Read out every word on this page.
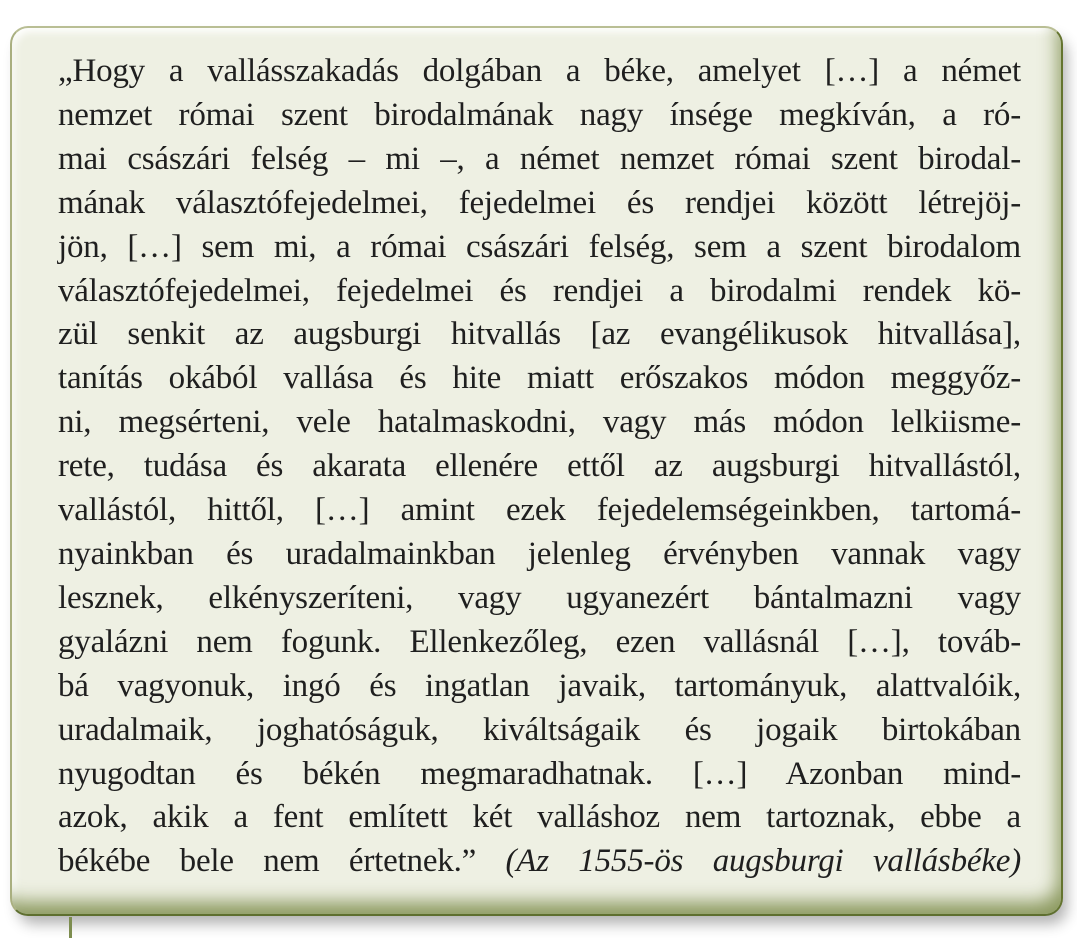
„Hogy a vallásszakadás dolgában a béke, amelyet […] a német
nemzet római szent birodalmának nagy ínsége megkíván, a ró-
mai császári felség – mi –, a német nemzet római szent birodal-
mának választófejedelmei, fejedelmei és rendjei között létrejöj-
jön, […] sem mi, a római császári felség, sem a szent birodalom
választófejedelmei, fejedelmei és rendjei a birodalmi rendek kö-
zül senkit az augsburgi hitvallás [az evangélikusok hitvallása],
tanítás okából vallása és hite miatt erőszakos módon meggyőz-
ni, megsérteni, vele hatalmaskodni, vagy más módon lelkiisme-
rete, tudása és akarata ellenére ettől az augsburgi hitvallástól,
vallástól, hittől, […] amint ezek fejedelemségeinkben, tartomá-
nyainkban és uradalmainkban jelenleg érvényben vannak vagy
lesznek, elkényszeríteni, vagy ugyanezért bántalmazni vagy
gyalázni nem fogunk. Ellenkezőleg, ezen vallásnál […], továb-
bá vagyonuk, ingó és ingatlan javaik, tartományuk, alattvalóik,
uradalmaik, joghatóságuk, kiváltságaik és jogaik birtokában
nyugodtan és békén megmaradhatnak. […] Azonban mind-
azok, akik a fent említett két valláshoz nem tartoznak, ebbe a
békébe bele nem értetnek.” (Az 1555-ös augsburgi vallásbéke)
